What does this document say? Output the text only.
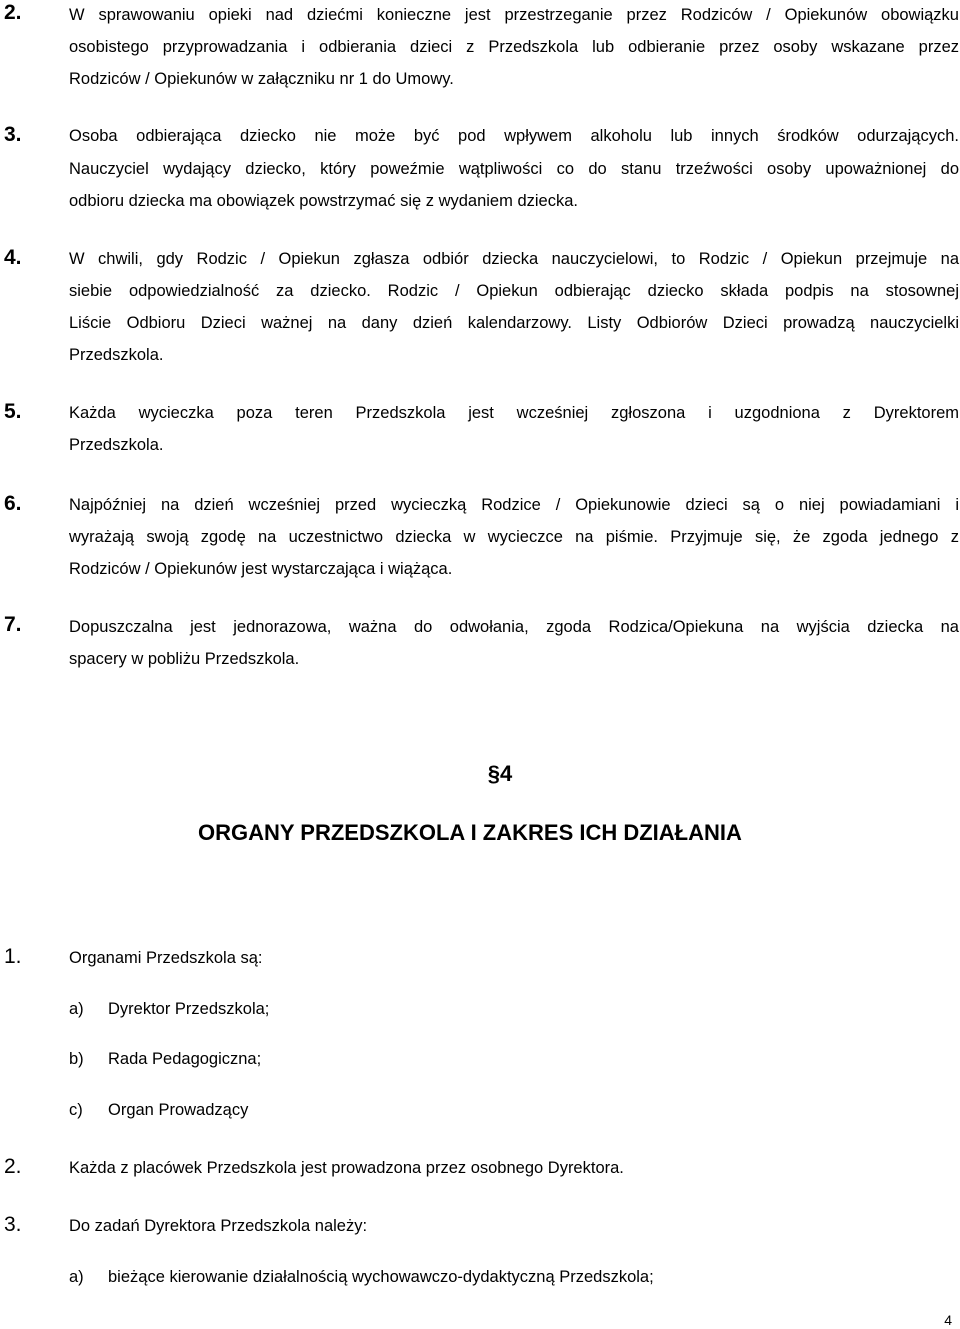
2.	W sprawowaniu opieki nad dziećmi konieczne jest przestrzeganie przez Rodziców / Opiekunów obowiązku
osobistego przyprowadzania i odbierania dzieci z Przedszkola lub odbieranie przez osoby wskazane przez
Rodziców / Opiekunów w załączniku nr 1 do Umowy.
3.	Osoba odbierająca dziecko nie może być pod wpływem alkoholu lub innych środków odurzających.
Nauczyciel wydający dziecko, który poweźmie wątpliwości co do stanu trzeźwości osoby upoważnionej do
odbioru dziecka ma obowiązek powstrzymać się z wydaniem dziecka.
4.	W chwili, gdy Rodzic / Opiekun zgłasza odbiór dziecka nauczycielowi, to Rodzic / Opiekun przejmuje na
siebie odpowiedzialność za dziecko. Rodzic / Opiekun odbierając dziecko składa podpis na stosownej
Liście Odbioru Dzieci ważnej na dany dzień kalendarzowy. Listy Odbiorów Dzieci prowadzą nauczycielki
Przedszkola.
5.	Każda wycieczka poza teren Przedszkola jest wcześniej zgłoszona i uzgodniona z Dyrektorem
Przedszkola.
6.	Najpóźniej na dzień wcześniej przed wycieczką Rodzice / Opiekunowie dzieci są o niej powiadamiani i
wyrażają swoją zgodę na uczestnictwo dziecka w wycieczce na piśmie. Przyjmuje się, że zgoda jednego z
Rodziców / Opiekunów jest wystarczająca i wiążąca.
7.	Dopuszczalna jest jednorazowa, ważna do odwołania, zgoda Rodzica/Opiekuna na wyjścia dziecka na
spacery w pobliżu Przedszkola.
§4
ORGANY PRZEDSZKOLA I ZAKRES ICH DZIAŁANIA
1.	Organami Przedszkola są:
a) Dyrektor Przedszkola;
b) Rada Pedagogiczna;
c) Organ Prowadzący
2.	Każda z placówek Przedszkola jest prowadzona przez osobnego Dyrektora.
3.	Do zadań Dyrektora Przedszkola należy:
a) bieżące kierowanie działalnością wychowawczo-dydaktyczną Przedszkola;
4
